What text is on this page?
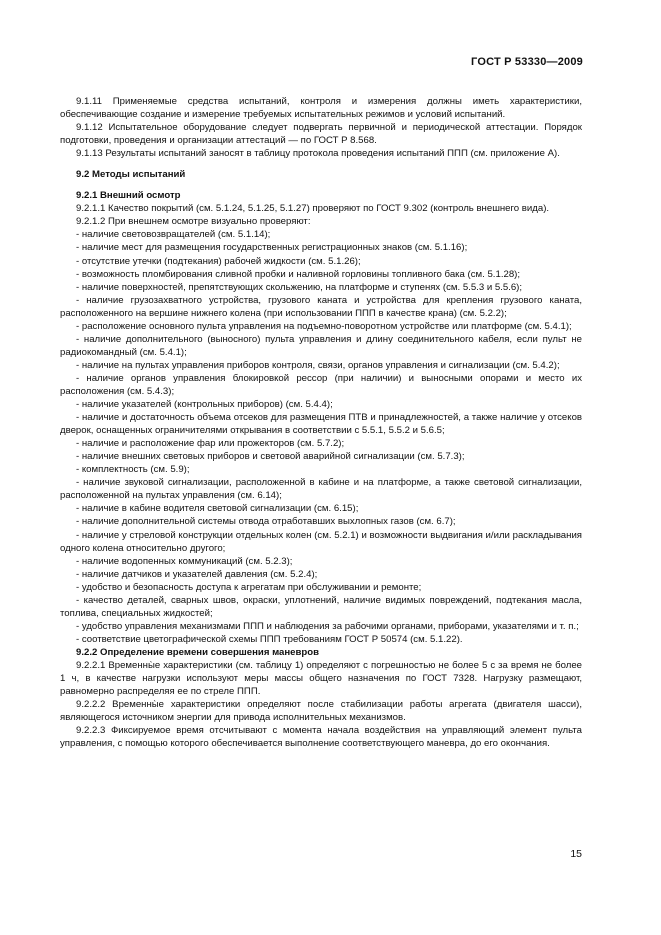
ГОСТ Р 53330—2009

9.1.11 Применяемые средства испытаний, контроля и измерения должны иметь характеристики, обеспечивающие создание и измерение требуемых испытательных режимов и условий испытаний.

9.1.12 Испытательное оборудование следует подвергать первичной и периодической аттестации. Порядок подготовки, проведения и организации аттестаций — по ГОСТ Р 8.568.

9.1.13 Результаты испытаний заносят в таблицу протокола проведения испытаний ППП (см. приложение А).

9.2 Методы испытаний

9.2.1 Внешний осмотр

9.2.1.1 Качество покрытий (см. 5.1.24, 5.1.25, 5.1.27) проверяют по ГОСТ 9.302 (контроль внешнего вида).

9.2.1.2 При внешнем осмотре визуально проверяют:

- наличие световозвращателей (см. 5.1.14);

- наличие мест для размещения государственных регистрационных знаков (см. 5.1.16);

- отсутствие утечки (подтекания) рабочей жидкости (см. 5.1.26);

- возможность пломбирования сливной пробки и наливной горловины топливного бака (см. 5.1.28);

- наличие поверхностей, препятствующих скольжению, на платформе и ступенях (см. 5.5.3 и 5.5.6);

- наличие грузозахватного устройства, грузового каната и устройства для крепления грузового каната, расположенного на вершине нижнего колена (при использовании ППП в качестве крана) (см. 5.2.2);

- расположение основного пульта управления на подъемно-поворотном устройстве или платформе (см. 5.4.1);

- наличие дополнительного (выносного) пульта управления и длину соединительного кабеля, если пульт не радиокомандный (см. 5.4.1);

- наличие на пультах управления приборов контроля, связи, органов управления и сигнализации (см. 5.4.2);

- наличие органов управления блокировкой рессор (при наличии) и выносными опорами и место их расположения (см. 5.4.3);

- наличие указателей (контрольных приборов) (см. 5.4.4);

- наличие и достаточность объема отсеков для размещения ПТВ и принадлежностей, а также наличие у отсеков дверок, оснащенных ограничителями открывания в соответствии с 5.5.1, 5.5.2 и 5.6.5;

- наличие и расположение фар или прожекторов (см. 5.7.2);

- наличие внешних световых приборов и световой аварийной сигнализации (см. 5.7.3);

- комплектность (см. 5.9);

- наличие звуковой сигнализации, расположенной в кабине и на платформе, а также световой сигнализации, расположенной на пультах управления (см. 6.14);

- наличие в кабине водителя световой сигнализации (см. 6.15);

- наличие дополнительной системы отвода отработавших выхлопных газов (см. 6.7);

- наличие у стреловой конструкции отдельных колен (см. 5.2.1) и возможности выдвигания и/или раскладывания одного колена относительно другого;

- наличие водопенных коммуникаций (см. 5.2.3);

- наличие датчиков и указателей давления (см. 5.2.4);

- удобство и безопасность доступа к агрегатам при обслуживании и ремонте;

- качество деталей, сварных швов, окраски, уплотнений, наличие видимых повреждений, подтекания масла, топлива, специальных жидкостей;

- удобство управления механизмами ППП и наблюдения за рабочими органами, приборами, указателями и т. п.;

- соответствие цветографической схемы ППП требованиям ГОСТ Р 50574 (см. 5.1.22).

9.2.2 Определение времени совершения маневров

9.2.2.1 Временны̀е характеристики (см. таблицу 1) определяют с погрешностью не более 5 с за время не более 1 ч, в качестве нагрузки используют меры массы общего назначения по ГОСТ 7328. Нагрузку размещают, равномерно распределяя ее по стреле ППП.

9.2.2.2 Временны̀е характеристики определяют после стабилизации работы агрегата (двигателя шасси), являющегося источником энергии для привода исполнительных механизмов.

9.2.2.3 Фиксируемое время отсчитывают с момента начала воздействия на управляющий элемент пульта управления, с помощью которого обеспечивается выполнение соответствующего маневра, до его окончания.

15
